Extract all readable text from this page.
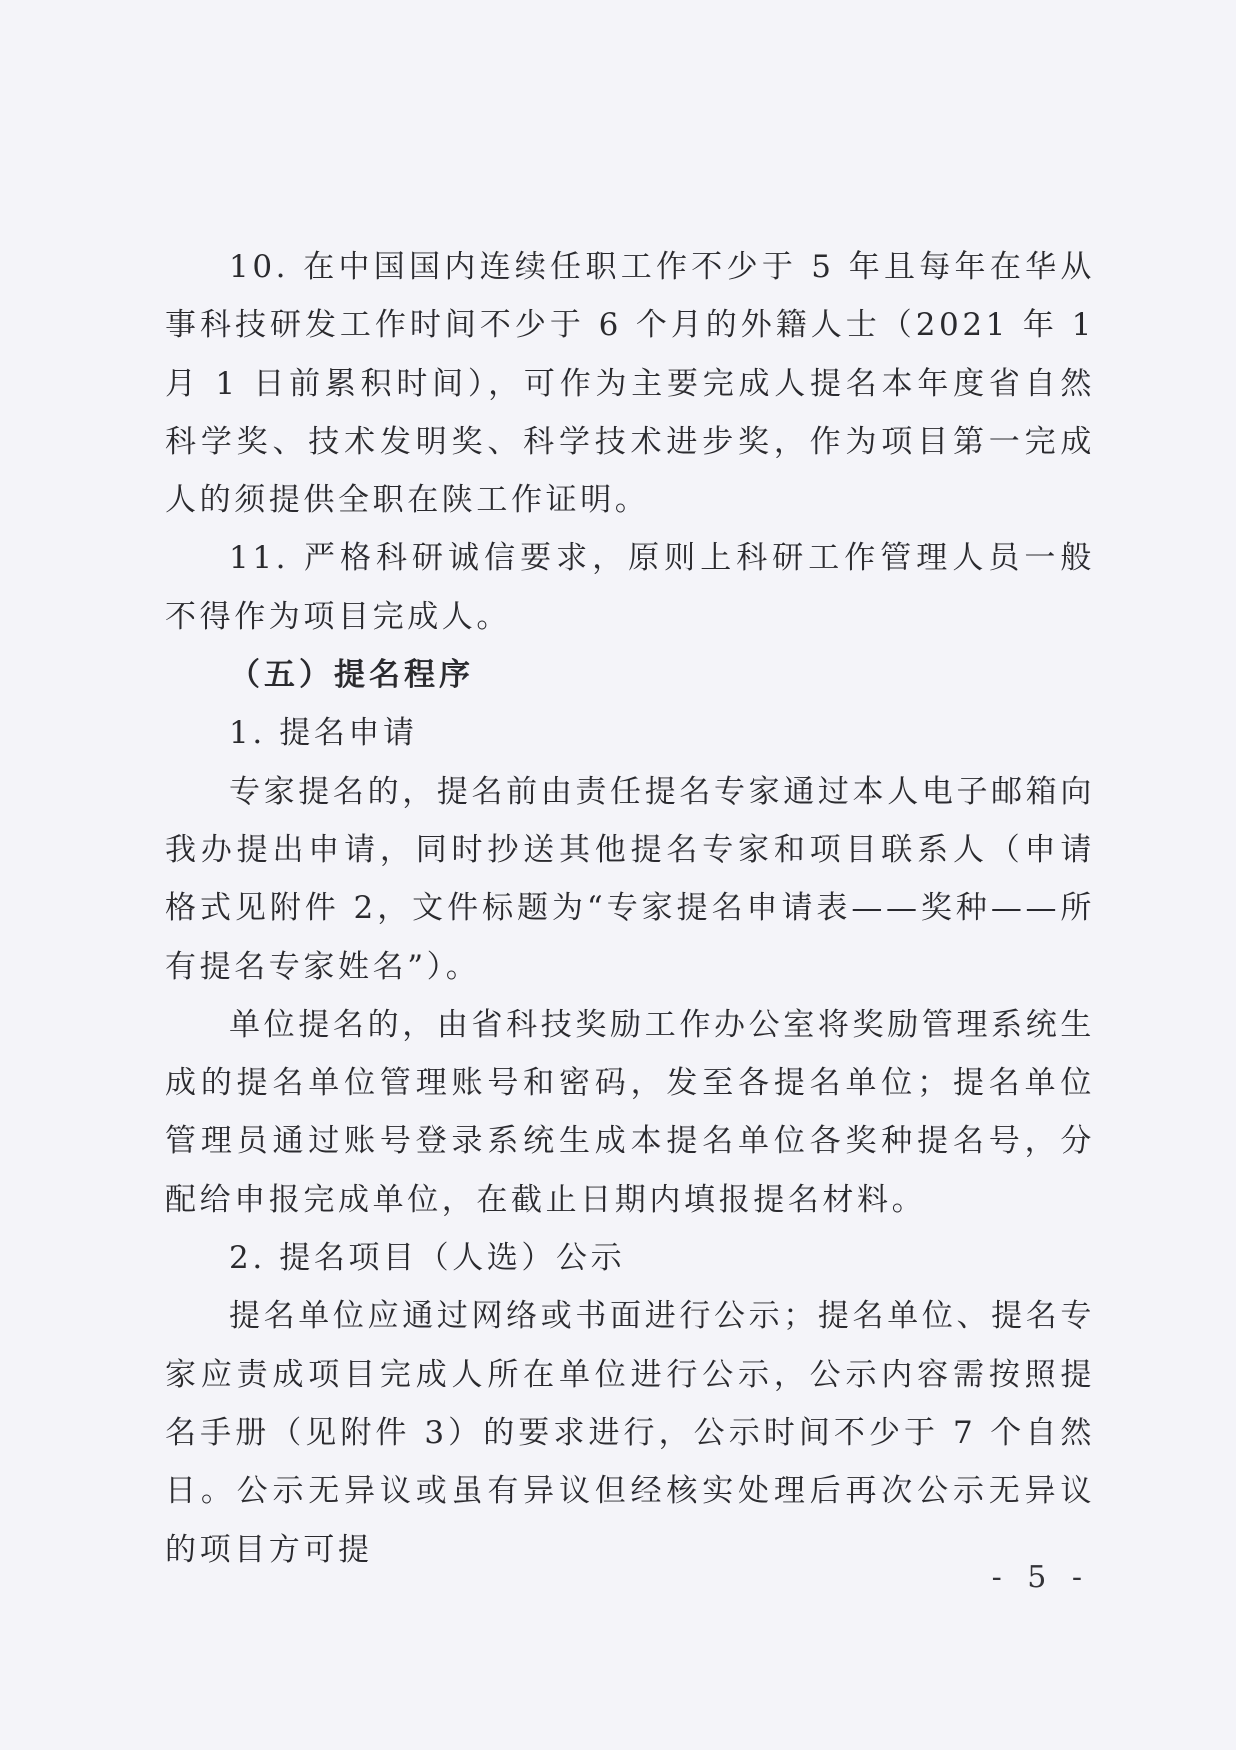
10. 在中国国内连续任职工作不少于 5 年且每年在华从事科技研发工作时间不少于 6 个月的外籍人士（2021 年 1 月 1 日前累积时间），可作为主要完成人提名本年度省自然科学奖、技术发明奖、科学技术进步奖，作为项目第一完成人的须提供全职在陕工作证明。

11. 严格科研诚信要求，原则上科研工作管理人员一般不得作为项目完成人。

（五）提名程序
1. 提名申请

专家提名的，提名前由责任提名专家通过本人电子邮箱向我办提出申请，同时抄送其他提名专家和项目联系人（申请格式见附件 2，文件标题为“专家提名申请表——奖种——所有提名专家姓名”）。

单位提名的，由省科技奖励工作办公室将奖励管理系统生成的提名单位管理账号和密码，发至各提名单位；提名单位管理员通过账号登录系统生成本提名单位各奖种提名号，分配给申报完成单位，在截止日期内填报提名材料。

2. 提名项目（人选）公示

提名单位应通过网络或书面进行公示；提名单位、提名专家应责成项目完成人所在单位进行公示，公示内容需按照提名手册（见附件 3）的要求进行，公示时间不少于 7 个自然日。公示无异议或虽有异议但经核实处理后再次公示无异议的项目方可提

- 5 -
